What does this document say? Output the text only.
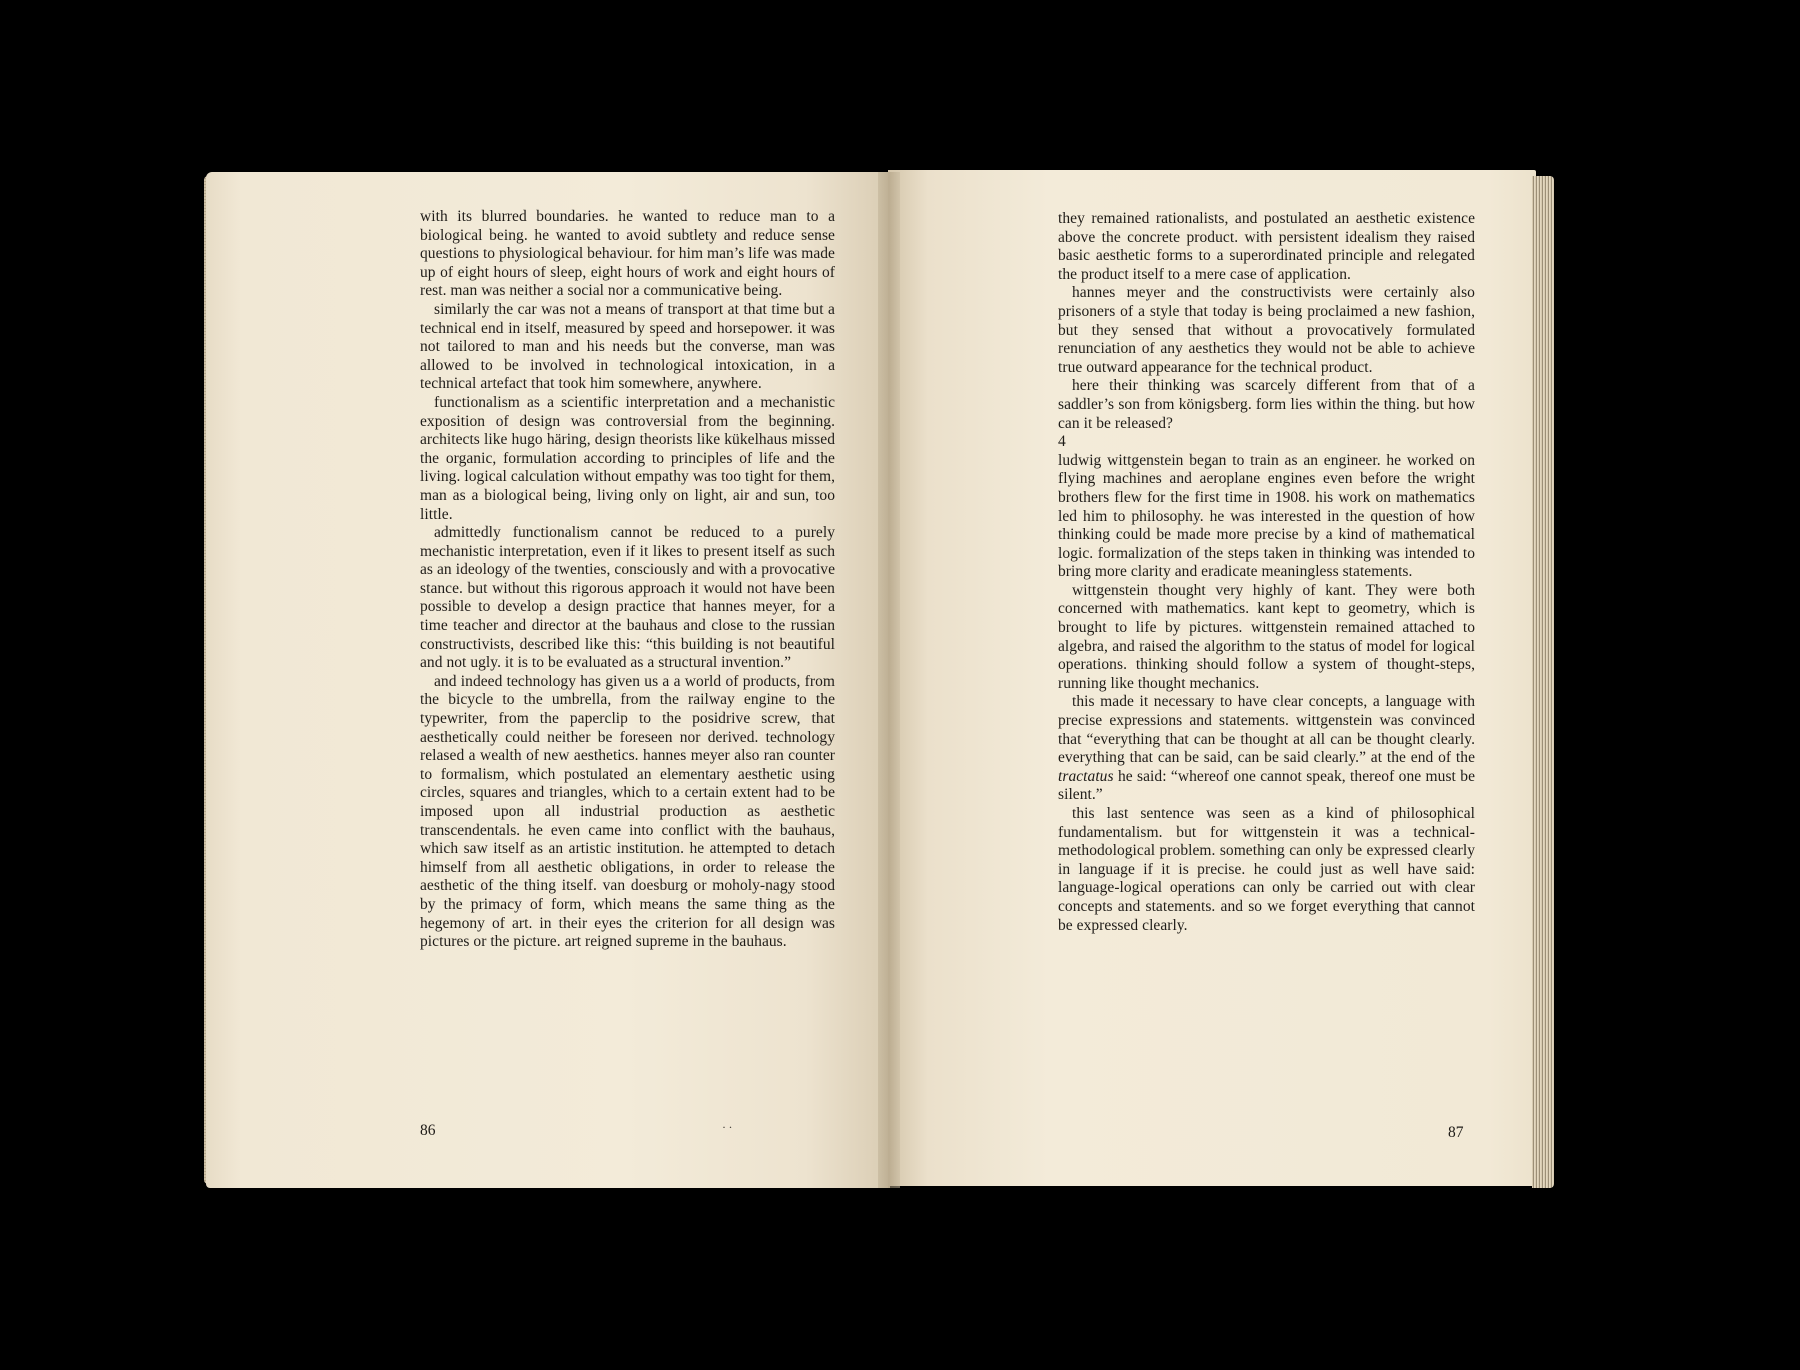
with its blurred boundaries. he wanted to reduce man to a biological being. he wanted to avoid subtlety and reduce sense questions to physiological behaviour. for him man’s life was made up of eight hours of sleep, eight hours of work and eight hours of rest. man was neither a social nor a communicative being.

similarly the car was not a means of transport at that time but a technical end in itself, measured by speed and horsepower. it was not tailored to man and his needs but the converse, man was allowed to be involved in technological intoxication, in a technical artefact that took him somewhere, anywhere.

functionalism as a scientific interpretation and a mechanistic exposition of design was controversial from the beginning. architects like hugo häring, design theorists like kükelhaus missed the organic, formulation according to principles of life and the living. logical calculation without empathy was too tight for them, man as a biological being, living only on light, air and sun, too little.

admittedly functionalism cannot be reduced to a purely mechanistic interpretation, even if it likes to present itself as such as an ideology of the twenties, consciously and with a provocative stance. but without this rigorous approach it would not have been possible to develop a design practice that hannes meyer, for a time teacher and director at the bauhaus and close to the russian constructivists, described like this: “this building is not beautiful and not ugly. it is to be evaluated as a structural invention.”

and indeed technology has given us a a world of products, from the bicycle to the umbrella, from the railway engine to the typewriter, from the paperclip to the posidrive screw, that aesthetically could neither be foreseen nor derived. technology relased a wealth of new aesthetics. hannes meyer also ran counter to formalism, which postulated an elementary aesthetic using circles, squares and triangles, which to a certain extent had to be imposed upon all industrial production as aesthetic transcendentals. he even came into conflict with the bauhaus, which saw itself as an artistic institution. he attempted to detach himself from all aesthetic obligations, in order to release the aesthetic of the thing itself. van doesburg or moholy-nagy stood by the primacy of form, which means the same thing as the hegemony of art. in their eyes the criterion for all design was pictures or the picture. art reigned supreme in the bauhaus.

86	· ·

they remained rationalists, and postulated an aesthetic existence above the concrete product. with persistent idealism they raised basic aesthetic forms to a superordinated principle and relegated the product itself to a mere case of application.

hannes meyer and the constructivists were certainly also prisoners of a style that today is being proclaimed a new fashion, but they sensed that without a provocatively formulated renunciation of any aesthetics they would not be able to achieve true outward appearance for the technical product.

here their thinking was scarcely different from that of a saddler’s son from königsberg. form lies within the thing. but how can it be released?

4

ludwig wittgenstein began to train as an engineer. he worked on flying machines and aeroplane engines even before the wright brothers flew for the first time in 1908. his work on mathematics led him to philosophy. he was interested in the question of how thinking could be made more precise by a kind of mathematical logic. formalization of the steps taken in thinking was intended to bring more clarity and eradicate meaningless statements.

wittgenstein thought very highly of kant. They were both concerned with mathematics. kant kept to geometry, which is brought to life by pictures. wittgenstein remained attached to algebra, and raised the algorithm to the status of model for logical operations. thinking should follow a system of thought-steps, running like thought mechanics.

this made it necessary to have clear concepts, a language with precise expressions and statements. wittgenstein was convinced that “everything that can be thought at all can be thought clearly. everything that can be said, can be said clearly.” at the end of the tractatus he said: “whereof one cannot speak, thereof one must be silent.”

this last sentence was seen as a kind of philosophical fundamentalism. but for wittgenstein it was a technical-methodological problem. something can only be expressed clearly in language if it is precise. he could just as well have said: language-logical operations can only be carried out with clear concepts and statements. and so we forget everything that cannot be expressed clearly.

87
